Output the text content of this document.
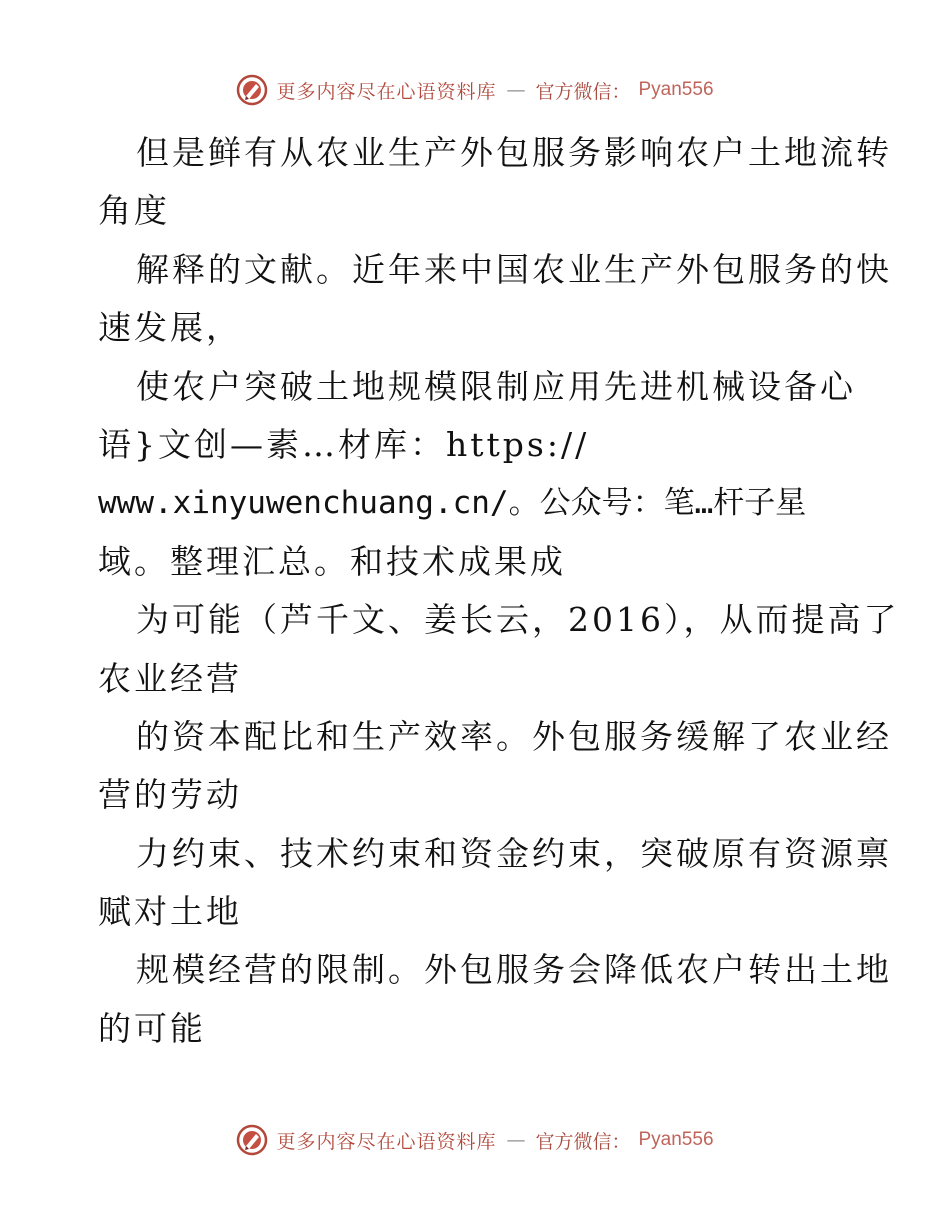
更多内容尽在心语资料库 — 官方微信： Pyan556
但是鲜有从农业生产外包服务影响农户土地流转
角度
解释的文献。近年来中国农业生产外包服务的快
速发展，
使农户突破土地规模限制应用先进机械设备心
语}文创—素…材库：https://
www.xinyuwenchuang.cn/。公众号：笔…杆子星
域。整理汇总。和技术成果成
为可能（芦千文、姜长云，2016），从而提高了
农业经营
的资本配比和生产效率。外包服务缓解了农业经
营的劳动
力约束、技术约束和资金约束，突破原有资源禀
赋对土地
规模经营的限制。外包服务会降低农户转出土地
的可能
更多内容尽在心语资料库 — 官方微信： Pyan556
